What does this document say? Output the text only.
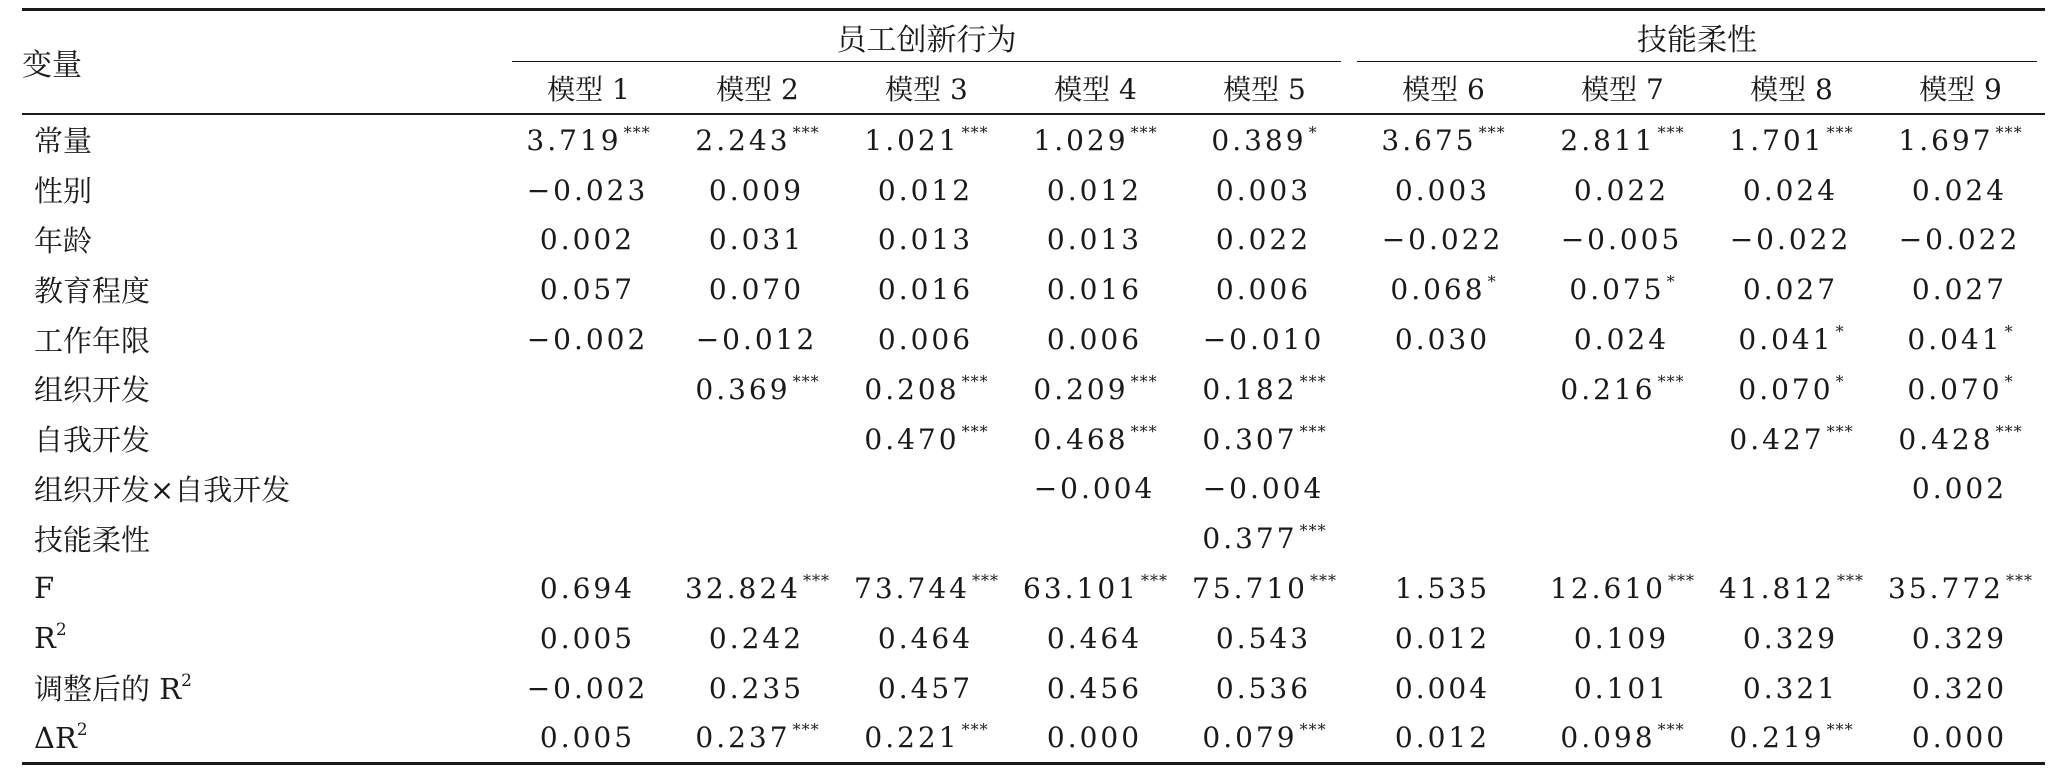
变量	员工创新行为					技能柔性			
	模型 1	模型 2	模型 3	模型 4	模型 5	模型 6	模型 7	模型 8	模型 9
常量	3.719 ***	2.243 ***	1.021 ***	1.029 ***	0.389 *	3.675 ***	2.811 ***	1.701 ***	1.697 ***
性别	−0.023	0.009	0.012	0.012	0.003	0.003	0.022	0.024	0.024
年龄	0.002	0.031	0.013	0.013	0.022	−0.022	−0.005	−0.022	−0.022
教育程度	0.057	0.070	0.016	0.016	0.006	0.068 *	0.075 *	0.027	0.027
工作年限	−0.002	−0.012	0.006	0.006	−0.010	0.030	0.024	0.041 *	0.041 *
组织开发		0.369 ***	0.208 ***	0.209 ***	0.182 ***		0.216 ***	0.070 *	0.070 *
自我开发			0.470 ***	0.468 ***	0.307 ***			0.427 ***	0.428 ***
组织开发×自我开发				−0.004	−0.004				0.002
技能柔性					0.377 ***				
F	0.694	32.824 ***	73.744 ***	63.101 ***	75.710 ***	1.535	12.610 ***	41.812 ***	35.772 ***
$R^2$	0.005	0.242	0.464	0.464	0.543	0.012	0.109	0.329	0.329
调整后的 $R^2$	−0.002	0.235	0.457	0.456	0.536	0.004	0.101	0.321	0.320
$\Delta R^2$	0.005	0.237 ***	0.221 ***	0.000	0.079 ***	0.012	0.098 ***	0.219 ***	0.000
